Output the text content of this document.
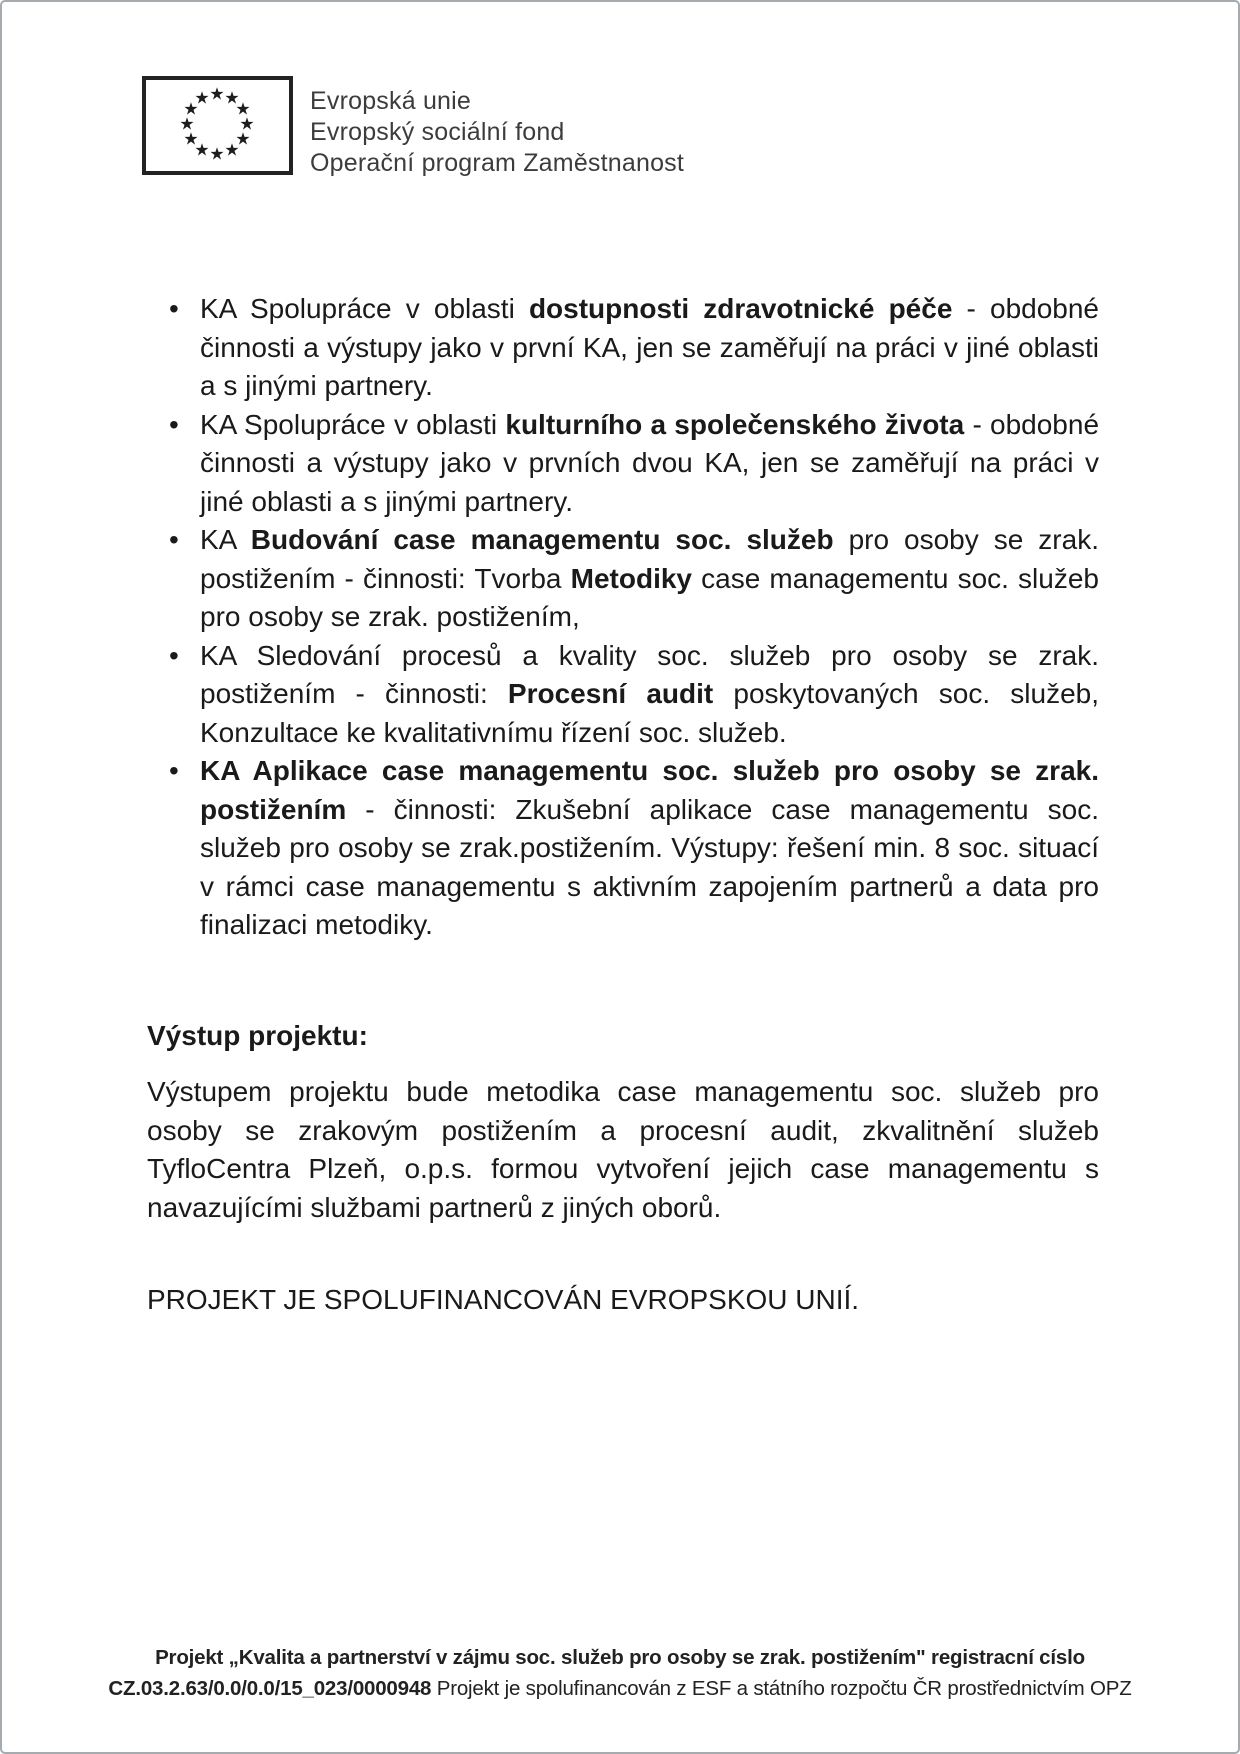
★ ★
★
★
★
★
★
★
★
★
★
★	Evropská unie
Evropský sociální fond
Operační program Zaměstnanost
• KA Spolupráce v oblasti dostupnosti zdravotnické péče - obdobné činnosti a výstupy jako v první KA, jen se zaměřují na práci v jiné oblasti a s jinými partnery.
• KA Spolupráce v oblasti kulturního a společenského života - obdobné činnosti a výstupy jako v prvních dvou KA, jen se zaměřují na práci v jiné oblasti a s jinými partnery.
• KA Budování case managementu soc. služeb pro osoby se zrak. postižením - činnosti: Tvorba Metodiky case managementu soc. služeb pro osoby se zrak. postižením,
• KA Sledování procesů a kvality soc. služeb pro osoby se zrak. postižením - činnosti: Procesní audit poskytovaných soc. služeb, Konzultace ke kvalitativnímu řízení soc. služeb.
• KA Aplikace case managementu soc. služeb pro osoby se zrak. postižením - činnosti: Zkušební aplikace case managementu soc. služeb pro osoby se zrak.postižením. Výstupy: řešení min. 8 soc. situací v rámci case managementu s aktivním zapojením partnerů a data pro finalizaci metodiky.
Výstup projektu:

Výstupem projektu bude metodika case managementu soc. služeb pro osoby se zrakovým postižením a procesní audit, zkvalitnění služeb TyfloCentra Plzeň, o.p.s. formou vytvoření jejich case managementu s navazujícími službami partnerů z jiných oborů.

PROJEKT JE SPOLUFINANCOVÁN EVROPSKOU UNIÍ.

Projekt „Kvalita a partnerství v zájmu soc. služeb pro osoby se zrak. postižením" registracní císlo
CZ.03.2.63/0.0/0.0/15_023/0000948 Projekt je spolufinancován z ESF a státního rozpočtu ČR prostřednictvím OPZ
